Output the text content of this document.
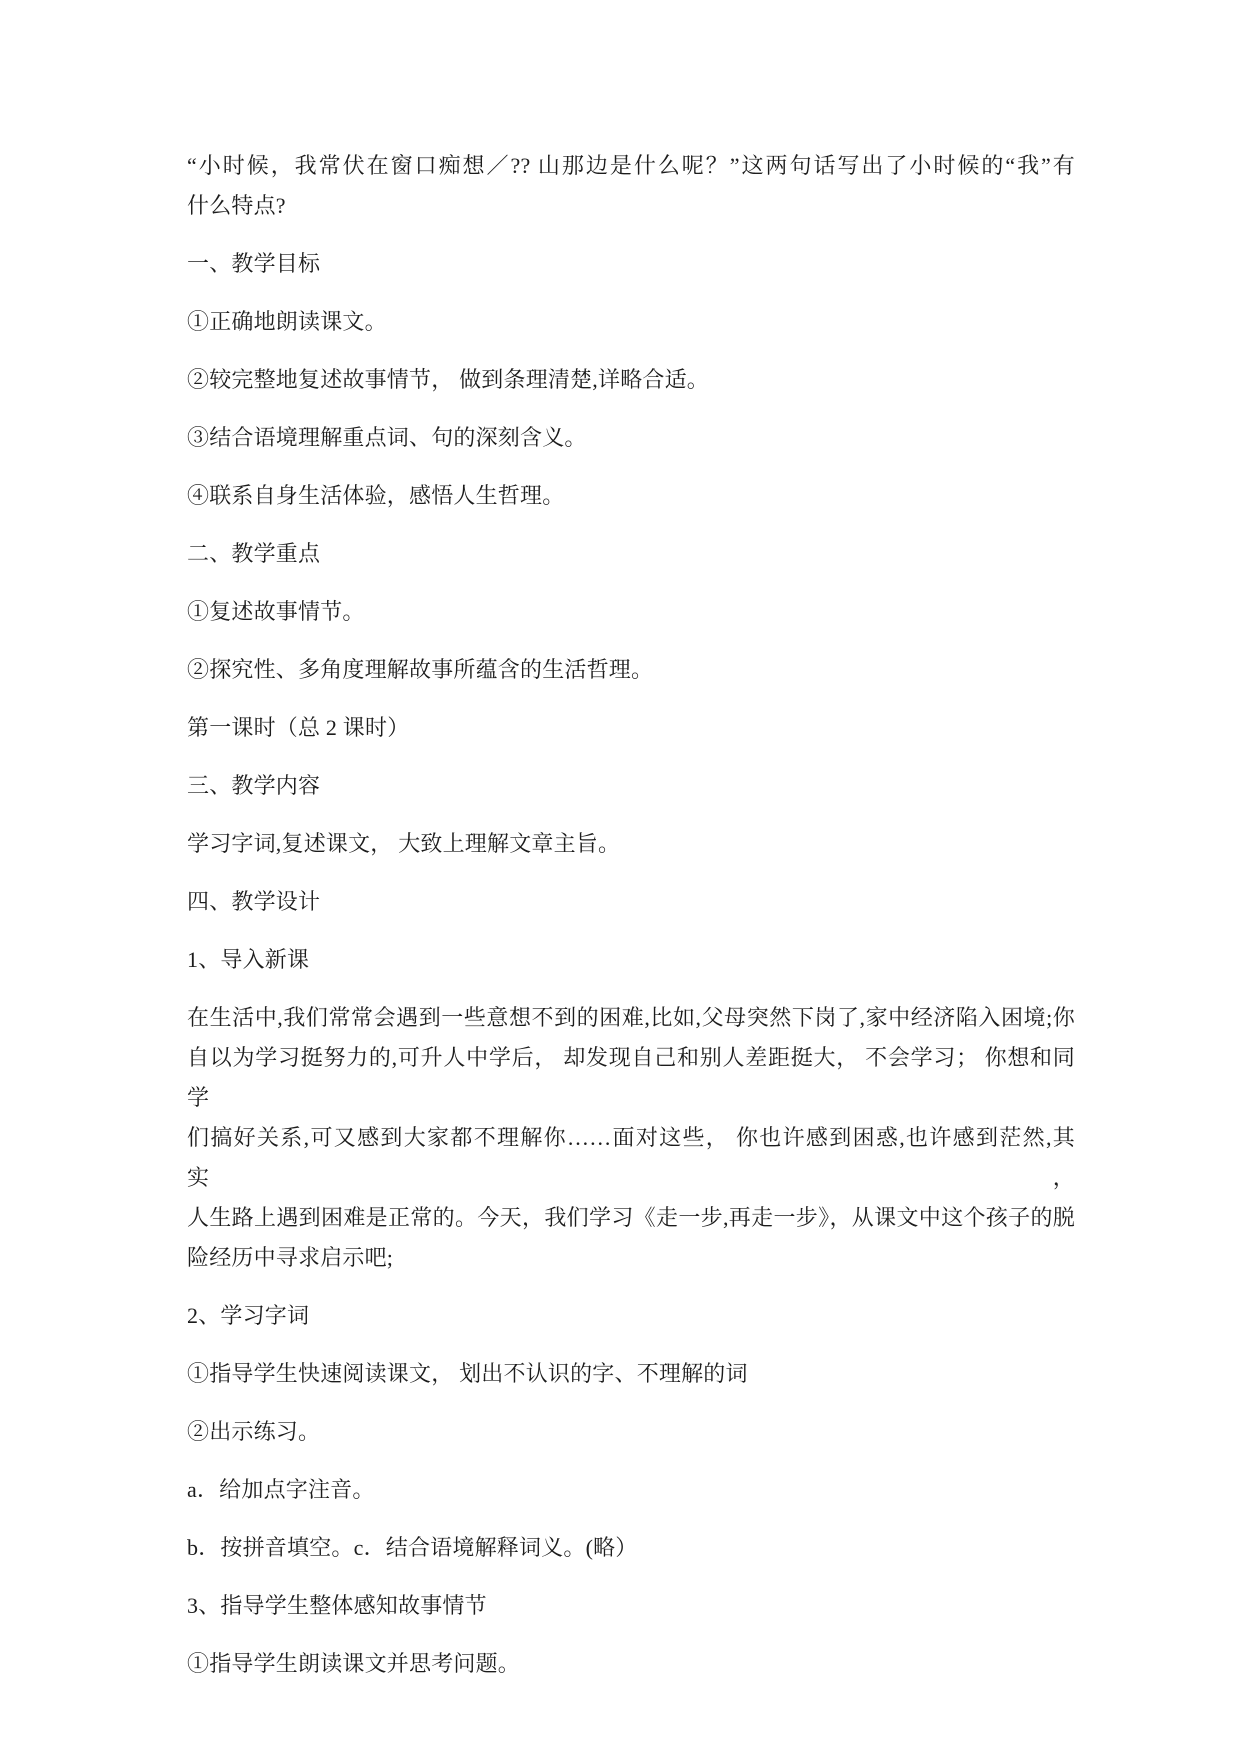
“小时候，我常伏在窗口痴想／?? 山那边是什么呢？”这两句话写出了小时候的“我”有
什么特点?

一、教学目标

①正确地朗读课文。

②较完整地复述故事情节， 做到条理清楚,详略合适。

③结合语境理解重点词、句的深刻含义。

④联系自身生活体验，感悟人生哲理。

二、教学重点

①复述故事情节。

②探究性、多角度理解故事所蕴含的生活哲理。

第一课时（总 2 课时）

三、教学内容

学习字词,复述课文， 大致上理解文章主旨。

四、教学设计

1、导入新课

在生活中,我们常常会遇到一些意想不到的困难,比如,父母突然下岗了,家中经济陷入困境;你
自以为学习挺努力的,可升人中学后， 却发现自己和别人差距挺大， 不会学习； 你想和同学
们搞好关系,可又感到大家都不理解你……面对这些， 你也许感到困惑,也许感到茫然,其实，
人生路上遇到困难是正常的。今天，我们学习《走一步,再走一步》，从课文中这个孩子的脱
险经历中寻求启示吧;

2、学习字词

①指导学生快速阅读课文， 划出不认识的字、不理解的词

②出示练习。

a．给加点字注音。

b．按拼音填空。c．结合语境解释词义。(略）

3、指导学生整体感知故事情节

①指导学生朗读课文并思考问题。
